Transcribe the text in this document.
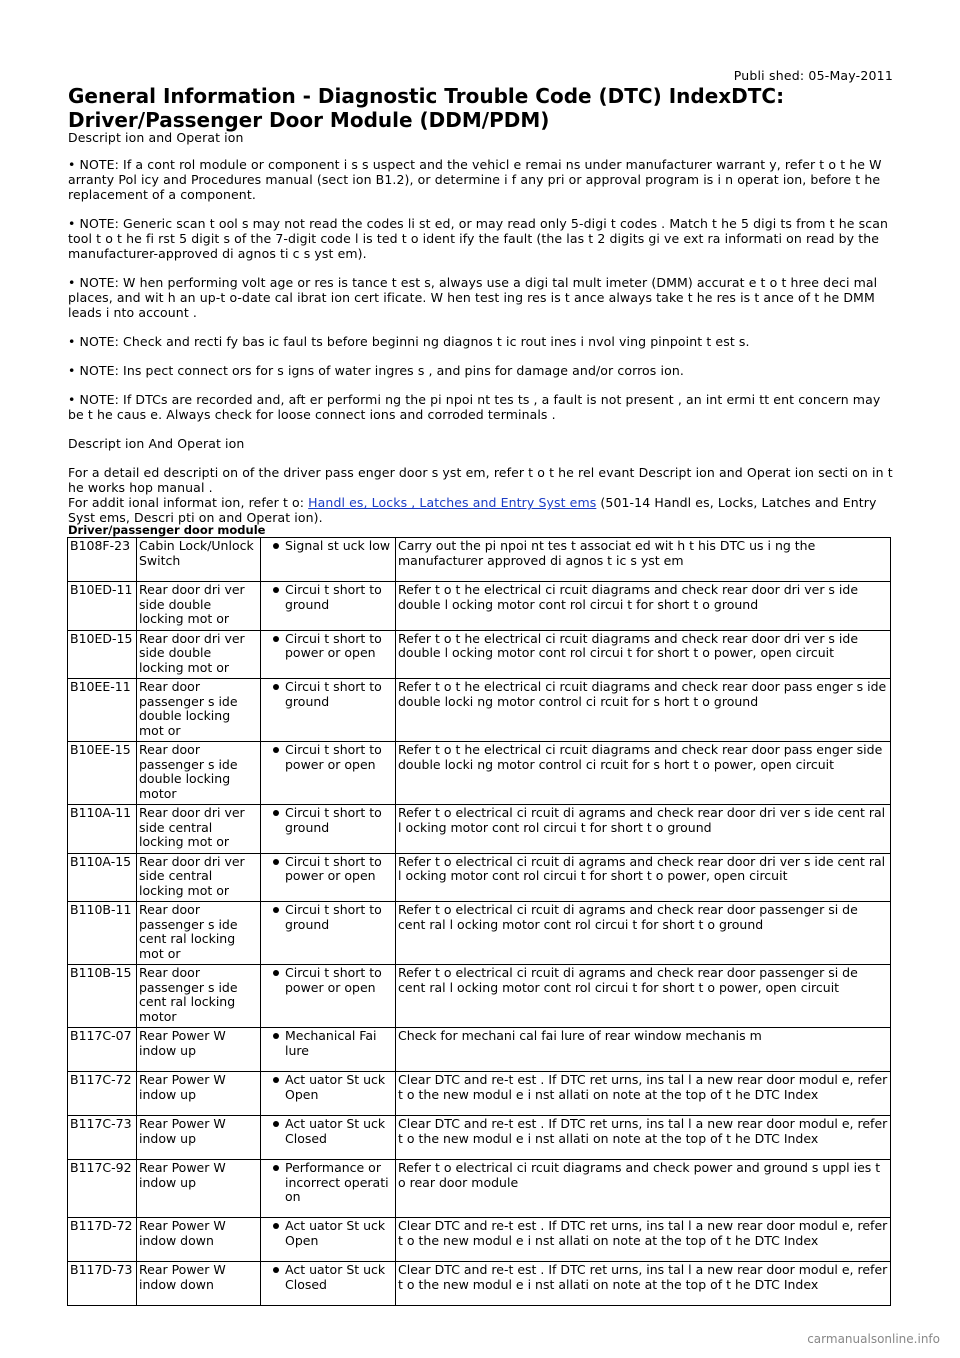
Publi shed: 05-May-2011
General Information - Diagnostic Trouble Code (DTC) IndexDTC:
Driver/Passenger Door Module (DDM/PDM)

Descript ion and Operat ion

• NOTE: If a cont rol module or component i s s uspect and the vehicl e remai ns under manufacturer warrant y, refer t o t he W arranty Pol icy and Procedures manual (sect ion B1.2), or determine i f any pri or approval program is i n operat ion, before t he replacement of a component.

• NOTE: Generic scan t ool s may not read the codes li st ed, or may read only 5-digi t codes . Match t he 5 digi ts from t he scan tool t o t he fi rst 5 digit s of the 7-digit code l is ted t o ident ify the fault (the las t 2 digits gi ve ext ra informati on read by the manufacturer-approved di agnos ti c s yst em).

• NOTE: W hen performing volt age or res is tance t est s, always use a digi tal mult imeter (DMM) accurat e t o t hree deci mal places, and wit h an up-t o-date cal ibrat ion cert ificate. W hen test ing res is t ance always take t he res is t ance of t he DMM leads i nto account .

• NOTE: Check and recti fy bas ic faul ts before beginni ng diagnos t ic rout ines i nvol ving pinpoint t est s.

• NOTE: Ins pect connect ors for s igns of water ingres s , and pins for damage and/or corros ion.

• NOTE: If DTCs are recorded and, aft er performi ng the pi npoi nt tes ts , a fault is not present , an int ermi tt ent concern may be t he caus e. Always check for loose connect ions and corroded terminals .

Descript ion And Operat ion

For a detail ed descripti on of the driver pass enger door s yst em, refer t o t he rel evant Descript ion and Operat ion secti on in t he works hop manual .
For addit ional informat ion, refer t o: Handl es, Locks , Latches and Entry Syst ems (501-14 Handl es, Locks, Latches and Entry Syst ems, Descri pti on and Operat ion).

Driver/passenger door module
B108F-23	Cabin Lock/Unlock Switch	Signal st uck low	Carry out the pi npoi nt tes t associat ed wit h t his DTC us i ng the manufacturer approved di agnos t ic s yst em
B10ED-11	Rear door dri ver side double locking mot or	Circui t short to ground	Refer t o t he electrical ci rcuit diagrams and check rear door dri ver s ide double l ocking motor cont rol circui t for short t o ground
B10ED-15	Rear door dri ver side double locking mot or	Circui t short to power or open	Refer t o t he electrical ci rcuit diagrams and check rear door dri ver s ide double l ocking motor cont rol circui t for short t o power, open circuit
B10EE-11	Rear door passenger s ide double locking mot or	Circui t short to ground	Refer t o t he electrical ci rcuit diagrams and check rear door pass enger s ide double locki ng motor control ci rcuit for s hort t o ground
B10EE-15	Rear door passenger s ide double locking motor	Circui t short to power or open	Refer t o t he electrical ci rcuit diagrams and check rear door pass enger side double locki ng motor control ci rcuit for s hort t o power, open circuit
B110A-11	Rear door dri ver side central locking mot or	Circui t short to ground	Refer t o electrical ci rcuit di agrams and check rear door dri ver s ide cent ral l ocking motor cont rol circui t for short t o ground
B110A-15	Rear door dri ver side central locking mot or	Circui t short to power or open	Refer t o electrical ci rcuit di agrams and check rear door dri ver s ide cent ral l ocking motor cont rol circui t for short t o power, open circuit
B110B-11	Rear door passenger s ide cent ral locking mot or	Circui t short to ground	Refer t o electrical ci rcuit di agrams and check rear door passenger si de cent ral l ocking motor cont rol circui t for short t o ground
B110B-15	Rear door passenger s ide cent ral locking motor	Circui t short to power or open	Refer t o electrical ci rcuit di agrams and check rear door passenger si de cent ral l ocking motor cont rol circui t for short t o power, open circuit
B117C-07	Rear Power W indow up	Mechanical Fai lure	Check for mechani cal fai lure of rear window mechanis m
B117C-72	Rear Power W indow up	Act uator St uck Open	Clear DTC and re-t est . If DTC ret urns, ins tal l a new rear door modul e, refer t o the new modul e i nst allati on note at the top of t he DTC Index
B117C-73	Rear Power W indow up	Act uator St uck Closed	Clear DTC and re-t est . If DTC ret urns, ins tal l a new rear door modul e, refer t o the new modul e i nst allati on note at the top of t he DTC Index
B117C-92	Rear Power W indow up	Performance or incorrect operati on	Refer t o electrical ci rcuit diagrams and check power and ground s uppl ies t o rear door module
B117D-72	Rear Power W indow down	Act uator St uck Open	Clear DTC and re-t est . If DTC ret urns, ins tal l a new rear door modul e, refer t o the new modul e i nst allati on note at the top of t he DTC Index
B117D-73	Rear Power W indow down	Act uator St uck Closed	Clear DTC and re-t est . If DTC ret urns, ins tal l a new rear door modul e, refer t o the new modul e i nst allati on note at the top of t he DTC Index
carmanualsonline.info
